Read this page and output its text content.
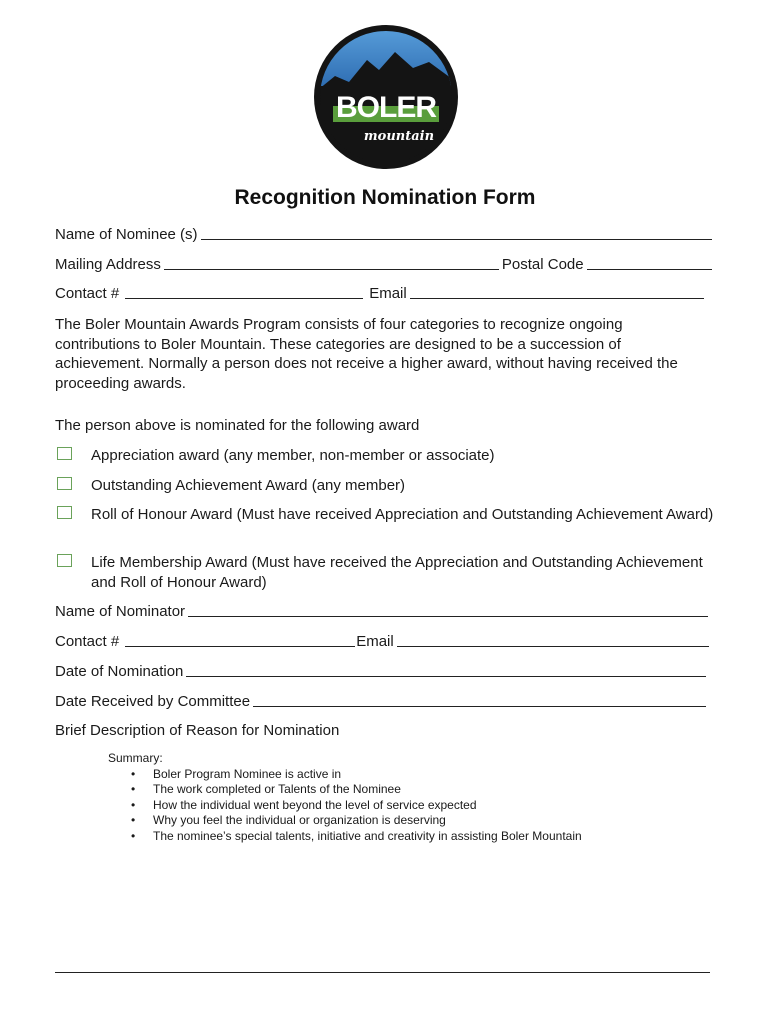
BOLER
mountain
Recognition Nomination Form
Name of Nominee (s)
Mailing Address	Postal Code
Contact #	Email

The Boler Mountain Awards Program consists of four categories to recognize ongoing contributions to Boler Mountain. These categories are designed to be a succession of achievement. Normally a person does not receive a higher award, without having received the proceeding awards.

The person above is nominated for the following award

Appreciation award (any member, non-member or associate)
Outstanding Achievement Award (any member)
Roll of Honour Award (Must have received Appreciation and Outstanding Achievement Award)
Life Membership Award (Must have received the Appreciation and Outstanding Achievement and Roll of Honour Award)
Name of Nominator
Contact #	Email
Date of Nomination
Date Received by Committee
Brief Description of Reason for Nomination
Summary:
• Boler Program Nominee is active in
• The work completed or Talents of the Nominee
• How the individual went beyond the level of service expected
• Why you feel the individual or organization is deserving
• The nominee’s special talents, initiative and creativity in assisting Boler Mountain
